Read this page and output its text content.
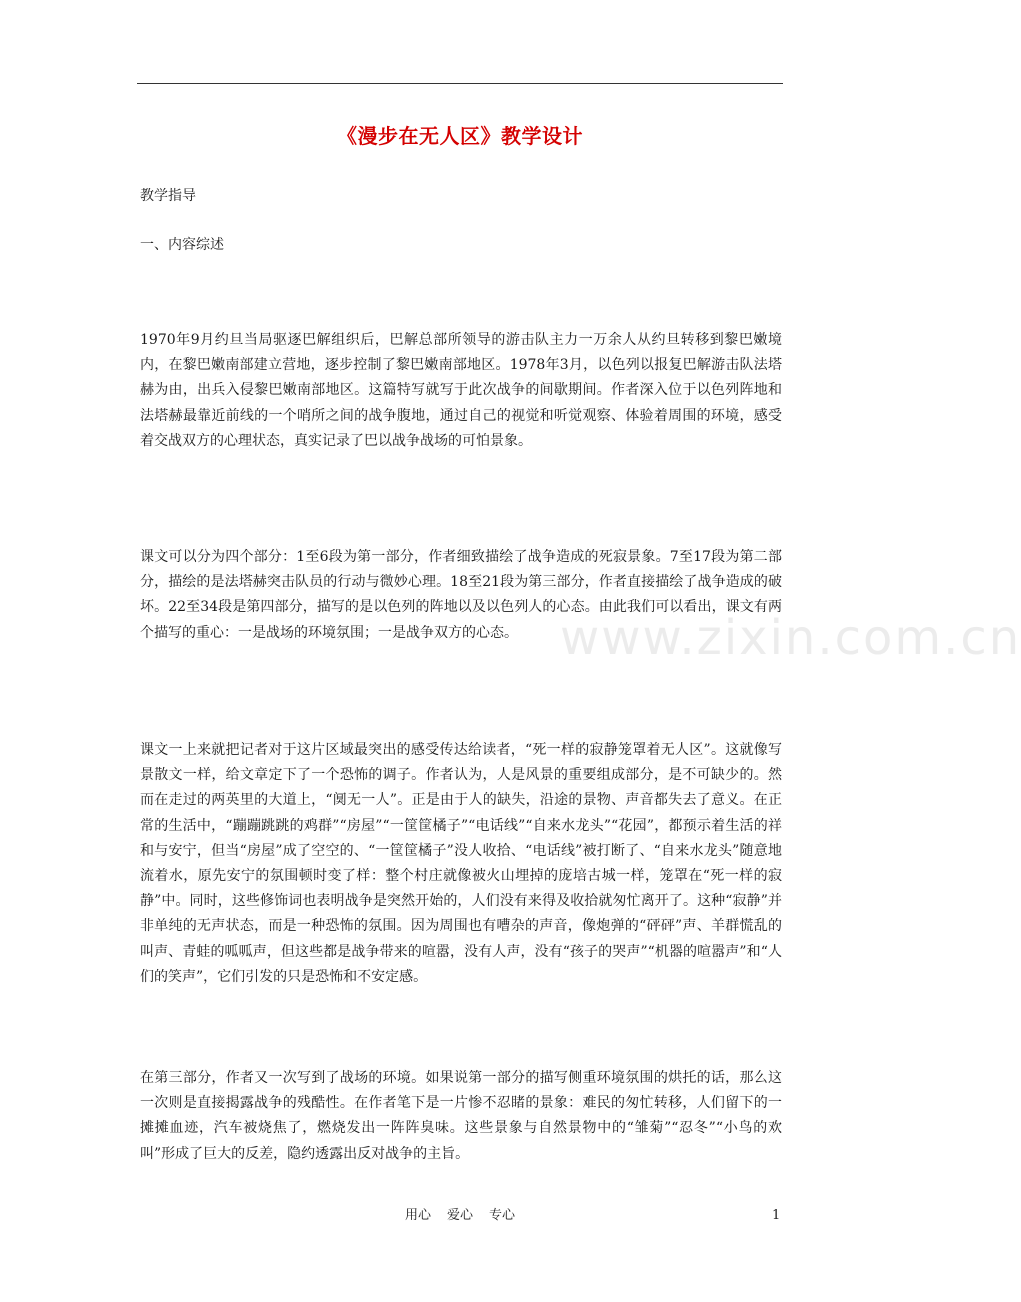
www.zixin.com.cn
《漫步在无人区》教学设计

教学指导

一、内容综述

1970年9月约旦当局驱逐巴解组织后，巴解总部所领导的游击队主力一万余人从约旦转移到黎巴嫩境内，在黎巴嫩南部建立营地，逐步控制了黎巴嫩南部地区。1978年3月，以色列以报复巴解游击队法塔赫为由，出兵入侵黎巴嫩南部地区。这篇特写就写于此次战争的间歇期间。作者深入位于以色列阵地和法塔赫最靠近前线的一个哨所之间的战争腹地，通过自己的视觉和听觉观察、体验着周围的环境，感受着交战双方的心理状态，真实记录了巴以战争战场的可怕景象。

课文可以分为四个部分：1至6段为第一部分，作者细致描绘了战争造成的死寂景象。7至17段为第二部分，描绘的是法塔赫突击队员的行动与微妙心理。18至21段为第三部分，作者直接描绘了战争造成的破坏。22至34段是第四部分，描写的是以色列的阵地以及以色列人的心态。由此我们可以看出，课文有两个描写的重心：一是战场的环境氛围；一是战争双方的心态。

课文一上来就把记者对于这片区域最突出的感受传达给读者，“死一样的寂静笼罩着无人区”。这就像写景散文一样，给文章定下了一个恐怖的调子。作者认为，人是风景的重要组成部分，是不可缺少的。然而在走过的两英里的大道上，“阒无一人”。正是由于人的缺失，沿途的景物、声音都失去了意义。在正常的生活中，“蹦蹦跳跳的鸡群”“房屋”“一筐筐橘子”“电话线”“自来水龙头”“花园”，都预示着生活的祥和与安宁，但当“房屋”成了空空的、“一筐筐橘子”没人收拾、“电话线”被打断了、“自来水龙头”随意地流着水，原先安宁的氛围顿时变了样：整个村庄就像被火山埋掉的庞培古城一样，笼罩在“死一样的寂静”中。同时，这些修饰词也表明战争是突然开始的，人们没有来得及收拾就匆忙离开了。这种“寂静”并非单纯的无声状态，而是一种恐怖的氛围。因为周围也有嘈杂的声音，像炮弹的“砰砰”声、羊群慌乱的叫声、青蛙的呱呱声，但这些都是战争带来的喧嚣，没有人声，没有“孩子的哭声”“机器的喧嚣声”和“人们的笑声”，它们引发的只是恐怖和不安定感。

在第三部分，作者又一次写到了战场的环境。如果说第一部分的描写侧重环境氛围的烘托的话，那么这一次则是直接揭露战争的残酷性。在作者笔下是一片惨不忍睹的景象：难民的匆忙转移，人们留下的一摊摊血迹，汽车被烧焦了，燃烧发出一阵阵臭味。这些景象与自然景物中的“雏菊”“忍冬”“小鸟的欢叫”形成了巨大的反差，隐约透露出反对战争的主旨。

用心 爱心 专心	1
